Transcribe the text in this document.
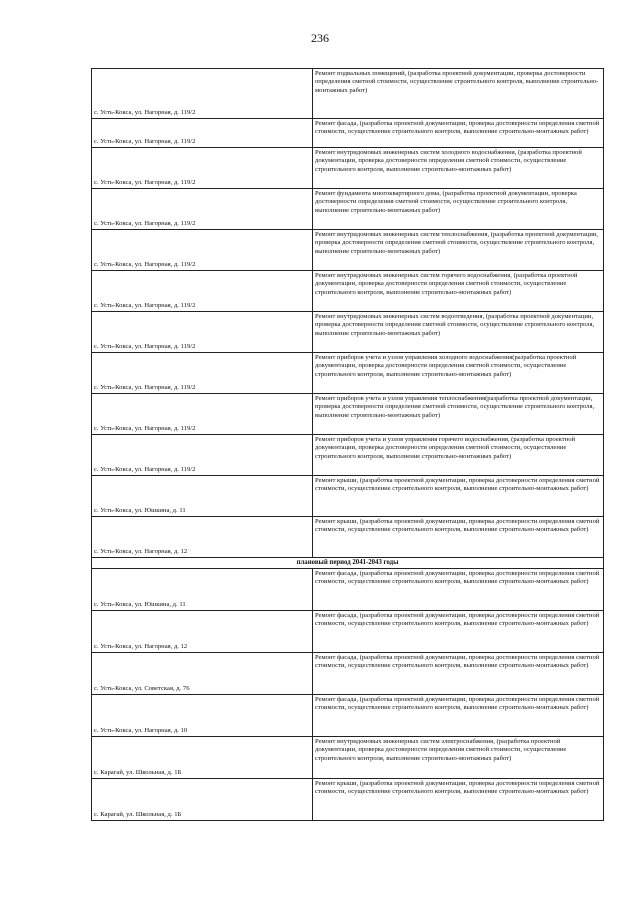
236
с. Усть-Кокса, ул. Нагорная, д. 119/2	Ремонт подвальных помещений, (разработка проектной документации, проверка достоверности определения сметной стоимости, осуществление строительного контроля, выполнение строительно-монтажных работ)
с. Усть-Кокса, ул. Нагорная, д. 119/2	Ремонт фасада, (разработка проектной документации, проверка достоверности определения сметной стоимости, осуществление строительного контроля, выполнение строительно-монтажных работ)
с. Усть-Кокса, ул. Нагорная, д. 119/2	Ремонт внутридомовых инженерных систем холодного водоснабжения, (разработка проектной документации, проверка достоверности определения сметной стоимости, осуществление строительного контроля, выполнение строительно-монтажных работ)
с. Усть-Кокса, ул. Нагорная, д. 119/2	Ремонт фундамента многоквартирного дома, (разработка проектной документации, проверка достоверности определения сметной стоимости, осуществление строительного контроля, выполнение строительно-монтажных работ)
с. Усть-Кокса, ул. Нагорная, д. 119/2	Ремонт внутридомовых инженерных систем теплоснабжения, (разработка проектной документации, проверка достоверности определения сметной стоимости, осуществление строительного контроля, выполнение строительно-монтажных работ)
с. Усть-Кокса, ул. Нагорная, д. 119/2	Ремонт внутридомовых инженерных систем горячего водоснабжения, (разработка проектной документации, проверка достоверности определения сметной стоимости, осуществление строительного контроля, выполнение строительно-монтажных работ)
с. Усть-Кокса, ул. Нагорная, д. 119/2	Ремонт внутридомовых инженерных систем водоотведения, (разработка проектной документации, проверка достоверности определения сметной стоимости, осуществление строительного контроля, выполнение строительно-монтажных работ)
с. Усть-Кокса, ул. Нагорная, д. 119/2	Ремонт приборов учета и узлов управления холодного водоснабжения(разработка проектной документации, проверка достоверности определения сметной стоимости, осуществление строительного контроля, выполнение строительно-монтажных работ)
с. Усть-Кокса, ул. Нагорная, д. 119/2	Ремонт приборов учета и узлов управления теплоснабжения(разработка проектной документации, проверка достоверности определения сметной стоимости, осуществление строительного контроля, выполнение строительно-монтажных работ)
с. Усть-Кокса, ул. Нагорная, д. 119/2	Ремонт приборов учета и узлов управления горячего водоснабжения, (разработка проектной документации, проверка достоверности определения сметной стоимости, осуществление строительного контроля, выполнение строительно-монтажных работ)
с. Усть-Кокса, ул. Юшкина, д. 11	Ремонт крыши, (разработка проектной документации, проверка достоверности определения сметной стоимости, осуществление строительного контроля, выполнение строительно-монтажных работ)
с. Усть-Кокса, ул. Нагорная, д. 12	Ремонт крыши, (разработка проектной документации, проверка достоверности определения сметной стоимости, осуществление строительного контроля, выполнение строительно-монтажных работ)
плановый период 2041-2043 годы	
с. Усть-Кокса, ул. Юшкина, д. 11	Ремонт фасада, (разработка проектной документации, проверка достоверности определения сметной стоимости, осуществление строительного контроля, выполнение строительно-монтажных работ)
с. Усть-Кокса, ул. Нагорная, д. 12	Ремонт фасада, (разработка проектной документации, проверка достоверности определения сметной стоимости, осуществление строительного контроля, выполнение строительно-монтажных работ)
с. Усть-Кокса, ул. Советская, д. 76	Ремонт фасада, (разработка проектной документации, проверка достоверности определения сметной стоимости, осуществление строительного контроля, выполнение строительно-монтажных работ)
с. Усть-Кокса, ул. Нагорная, д. 10	Ремонт фасада, (разработка проектной документации, проверка достоверности определения сметной стоимости, осуществление строительного контроля, выполнение строительно-монтажных работ)
с. Карагай, ул. Школьная, д. 1Б	Ремонт внутридомовых инженерных систем электроснабжения, (разработка проектной документации, проверка достоверности определения сметной стоимости, осуществление строительного контроля, выполнение строительно-монтажных работ)
с. Карагай, ул. Школьная, д. 1Б	Ремонт крыши, (разработка проектной документации, проверка достоверности определения сметной стоимости, осуществление строительного контроля, выполнение строительно-монтажных работ)
